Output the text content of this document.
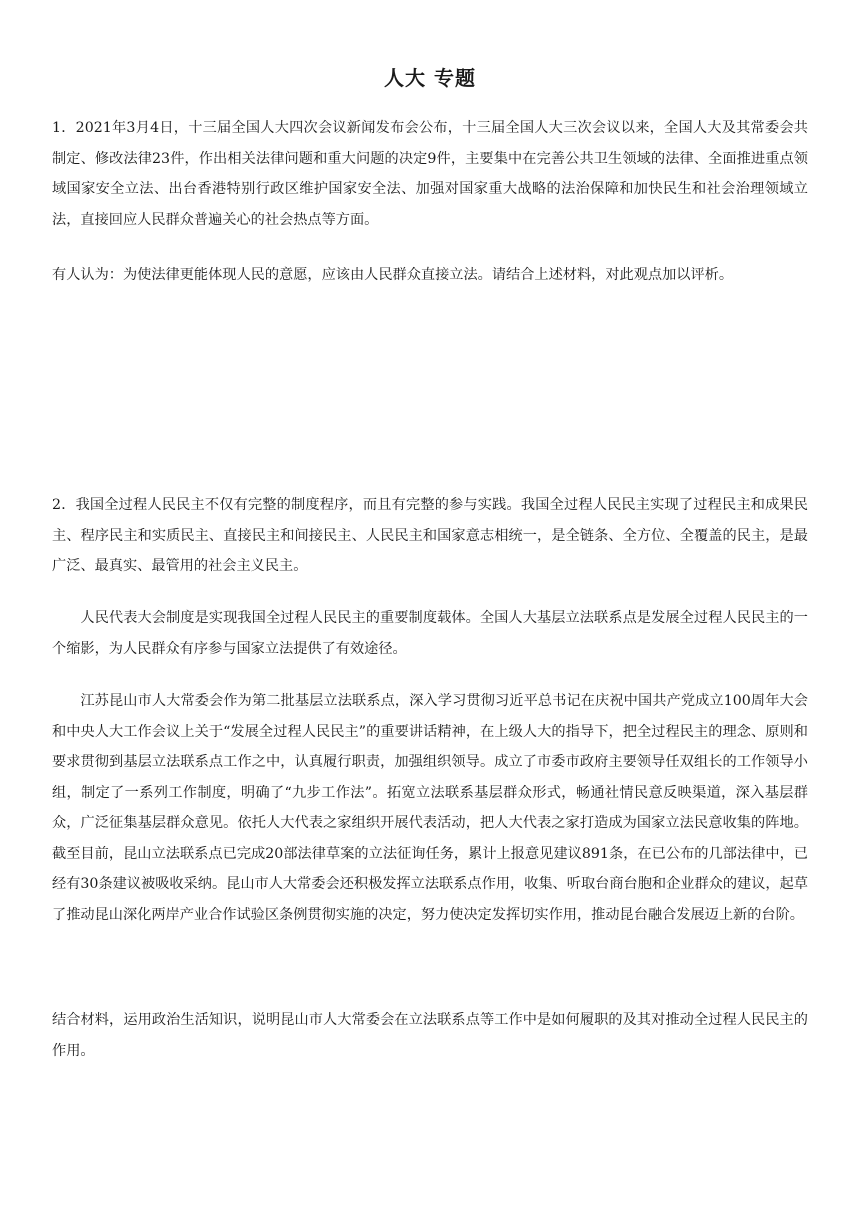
人大 专题
1．2021年3月4日，十三届全国人大四次会议新闻发布会公布，十三届全国人大三次会议以来，全国人大及其常委会共制定、修改法律23件，作出相关法律问题和重大问题的决定9件，主要集中在完善公共卫生领域的法律、全面推进重点领域国家安全立法、出台香港特别行政区维护国家安全法、加强对国家重大战略的法治保障和加快民生和社会治理领域立法，直接回应人民群众普遍关心的社会热点等方面。
有人认为：为使法律更能体现人民的意愿，应该由人民群众直接立法。请结合上述材料，对此观点加以评析。
2．我国全过程人民民主不仅有完整的制度程序，而且有完整的参与实践。我国全过程人民民主实现了过程民主和成果民主、程序民主和实质民主、直接民主和间接民主、人民民主和国家意志相统一，是全链条、全方位、全覆盖的民主，是最广泛、最真实、最管用的社会主义民主。
人民代表大会制度是实现我国全过程人民民主的重要制度载体。全国人大基层立法联系点是发展全过程人民民主的一个缩影，为人民群众有序参与国家立法提供了有效途径。
江苏昆山市人大常委会作为第二批基层立法联系点，深入学习贯彻习近平总书记在庆祝中国共产党成立100周年大会和中央人大工作会议上关于“发展全过程人民民主”的重要讲话精神，在上级人大的指导下，把全过程民主的理念、原则和要求贯彻到基层立法联系点工作之中，认真履行职责，加强组织领导。成立了市委市政府主要领导任双组长的工作领导小组，制定了一系列工作制度，明确了“九步工作法”。拓宽立法联系基层群众形式，畅通社情民意反映渠道，深入基层群众，广泛征集基层群众意见。依托人大代表之家组织开展代表活动，把人大代表之家打造成为国家立法民意收集的阵地。截至目前，昆山立法联系点已完成20部法律草案的立法征询任务，累计上报意见建议891条，在已公布的几部法律中，已经有30条建议被吸收采纳。昆山市人大常委会还积极发挥立法联系点作用，收集、听取台商台胞和企业群众的建议，起草了推动昆山深化两岸产业合作试验区条例贯彻实施的决定，努力使决定发挥切实作用，推动昆台融合发展迈上新的台阶。
结合材料，运用政治生活知识，说明昆山市人大常委会在立法联系点等工作中是如何履职的及其对推动全过程人民民主的作用。
